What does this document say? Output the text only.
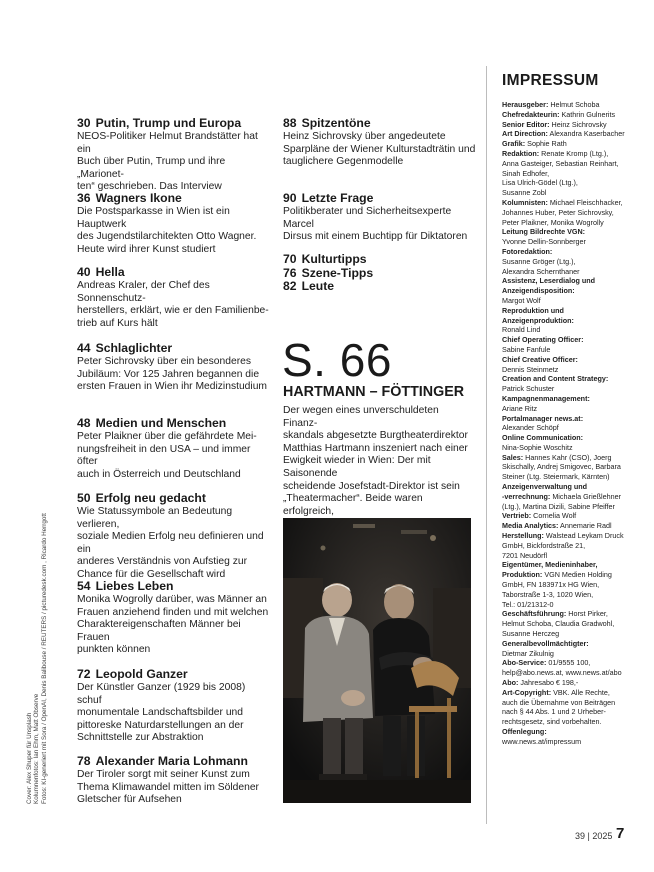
30 Putin, Trump und Europa
NEOS-Politiker Helmut Brandstätter hat ein
Buch über Putin, Trump und ihre „Marionet-
ten“ geschrieben. Das Interview
36 Wagners Ikone
Die Postsparkasse in Wien ist ein Hauptwerk
des Jugendstilarchitekten Otto Wagner.
Heute wird ihrer Kunst studiert
40 Hella
Andreas Kraler, der Chef des Sonnenschutz-
herstellers, erklärt, wie er den Familienbe-
trieb auf Kurs hält
44 Schlaglichter
Peter Sichrovsky über ein besonderes
Jubiläum: Vor 125 Jahren begannen die
ersten Frauen in Wien ihr Medizinstudium
48 Medien und Menschen
Peter Plaikner über die gefährdete Mei-
nungsfreiheit in den USA – und immer öfter
auch in Österreich und Deutschland
50 Erfolg neu gedacht
Wie Statussymbole an Bedeutung verlieren,
soziale Medien Erfolg neu definieren und ein
anderes Verständnis von Aufstieg zur
Chance für die Gesellschaft wird
54 Liebes Leben
Monika Wogrolly darüber, was Männer an
Frauen anziehend finden und mit welchen
Charaktereigenschaften Männer bei Frauen
punkten können
72 Leopold Ganzer
Der Künstler Ganzer (1929 bis 2008) schuf
monumentale Landschaftsbilder und
pittoreske Naturdarstellungen an der
Schnittstelle zur Abstraktion
78 Alexander Maria Lohmann
Der Tiroler sorgt mit seiner Kunst zum
Thema Klimawandel mitten im Söldener
Gletscher für Aufsehen
88 Spitzentöne
Heinz Sichrovsky über angedeutete
Sparpläne der Wiener Kulturstadträtin und
tauglichere Gegenmodelle
90 Letzte Frage
Politikberater und Sicherheitsexperte Marcel
Dirsus mit einem Buchtipp für Diktatoren
70 Kulturtipps
76 Szene-Tipps
82 Leute
S. 66
HARTMANN – FÖTTINGER
Der wegen eines unverschuldeten Finanz-
skandals abgesetzte Burgtheaterdirektor
Matthias Hartmann inszeniert nach einer
Ewigkeit wieder in Wien: Der mit Saisonende
scheidende Josefstadt-Direktor ist sein
„Theatermacher“. Beide waren erfolgreich,
Cover: Alex Shuper für Unsplash Kolumnenfotos: Ian Ehm, Matt Observe Fotos: KI-generiert mit Sora / OpenAI, Denis Balibouse / REUTERS / picturedesk.com , Ricardo Herrgott
IMPRESSUM
Herausgeber: Helmut Schoba
Chefredakteurin: Kathrin Gulnerits
Senior Editor: Heinz Sichrovsky
Art Direction: Alexandra Kaserbacher
Grafik: Sophie Rath
Redaktion: Renate Kromp (Ltg.),
Anna Gasteiger, Sebastian Reinhart,
Sinah Edhofer,
Lisa Ulrich-Gödel (Ltg.),
Susanne Zobl
Kolumnisten: Michael Fleischhacker,
Johannes Huber, Peter Sichrovsky,
Peter Plaikner, Monika Wogrolly
Leitung Bildrechte VGN:
Yvonne Dellin-Sonnberger
Fotoredaktion:
Susanne Gröger (Ltg.),
Alexandra Schernthaner
Assistenz, Leserdialog und
Anzeigendisposition:
Margot Wolf
Reproduktion und
Anzeigenproduktion:
Ronald Lind
Chief Operating Officer:
Sabine Fanfule
Chief Creative Officer:
Dennis Steinmetz
Creation and Content Strategy:
Patrick Schuster
Kampagnenmanagement:
Ariane Ritz
Portalmanager news.at:
Alexander Schöpf
Online Communication:
Nina-Sophie Woschitz
Sales: Hannes Kahr (CSO), Joerg
Skischally, Andrej Smigovec, Barbara
Steiner (Ltg. Steiermark, Kärnten)
Anzeigenverwaltung und
-verrechnung: Michaela Grießlehner
(Ltg.), Martina Dizili, Sabine Pfeiffer
Vertrieb: Cornelia Wolf
Media Analytics: Annemarie Radl
Herstellung: Walstead Leykam Druck
GmbH, Bickfordstraße 21,
7201 Neudörfl
Eigentümer, Medieninhaber,
Produktion: VGN Medien Holding
GmbH, FN 183971x HG Wien,
Taborstraße 1-3, 1020 Wien,
Tel.: 01/21312-0
Geschäftsführung: Horst Pirker,
Helmut Schoba, Claudia Gradwohl,
Susanne Herczeg
Generalbevollmächtigter:
Dietmar Zikulnig
Abo-Service: 01/9555 100,
help@abo.news.at, www.news.at/abo
Abo: Jahresabo € 198,-
Art-Copyright: VBK. Alle Rechte,
auch die Übernahme von Beiträgen
nach § 44 Abs. 1 und 2 Urheber-
rechtsgesetz, sind vorbehalten.
Offenlegung:
www.news.at/impressum
39 | 2025 7
